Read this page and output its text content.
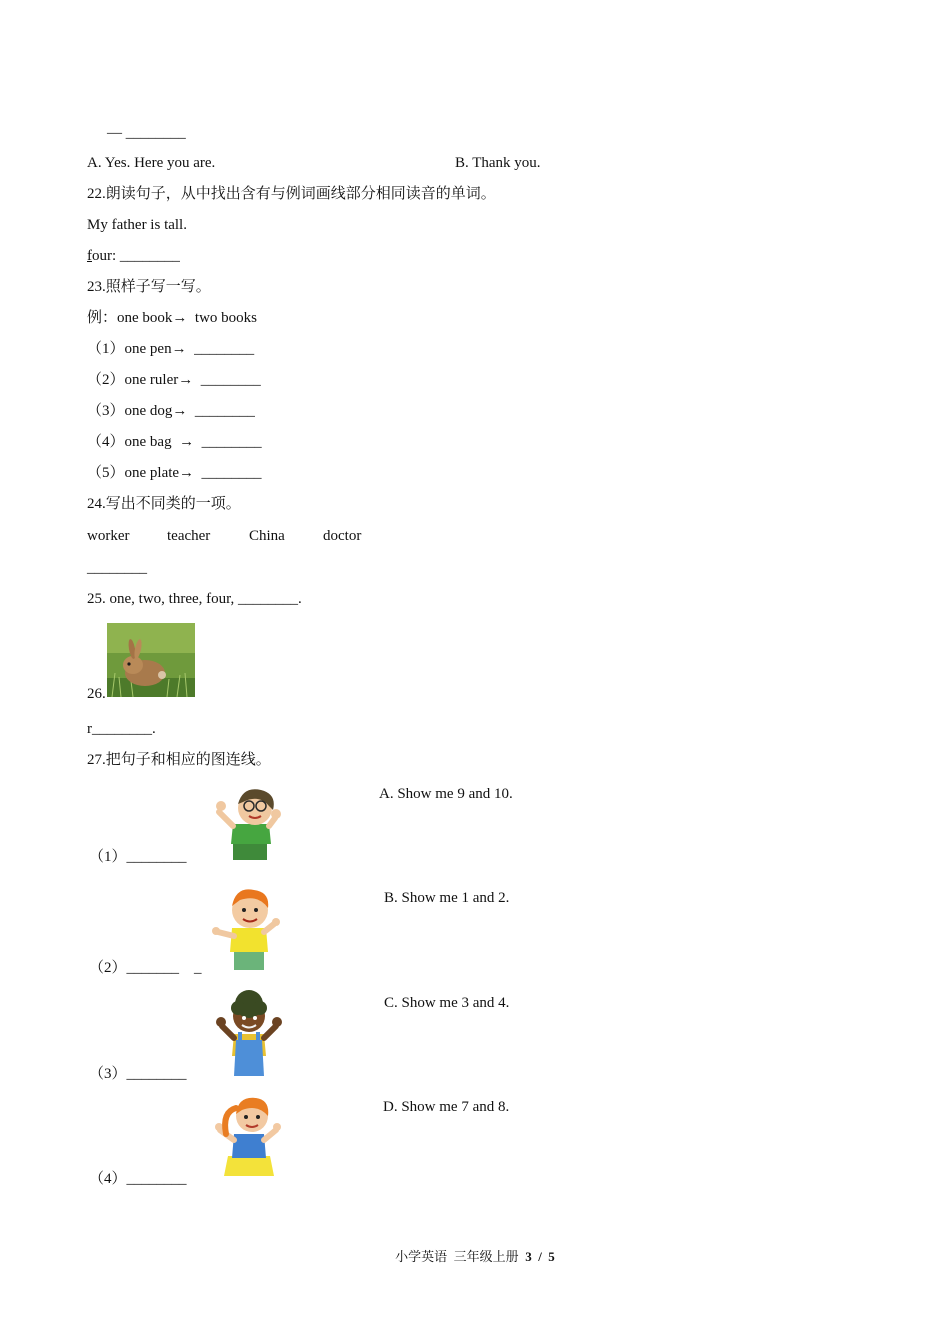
— ________
A. Yes. Here you are.	B. Thank you.
22.朗读句子，从中找出含有与例词画线部分相同读音的单词。
My father is tall.
four: ________
23.照样子写一写。
例：one book→  two books
（1）one pen→  ________
（2）one ruler→  ________
（3）one dog→  ________
（4）one bag  →  ________
（5）one plate→  ________
24.写出不同类的一项。
worker	teacher	China	doctor
________
25. one, two, three, four, ________.
26.
r________.
27.把句子和相应的图连线。
A. Show me 9 and 10.
（1）________
B. Show me 1 and 2.
（2）_______    _
C. Show me 3 and 4.
（3）________
D. Show me 7 and 8.
（4）________
小学英语  三年级上册  3  /  5
